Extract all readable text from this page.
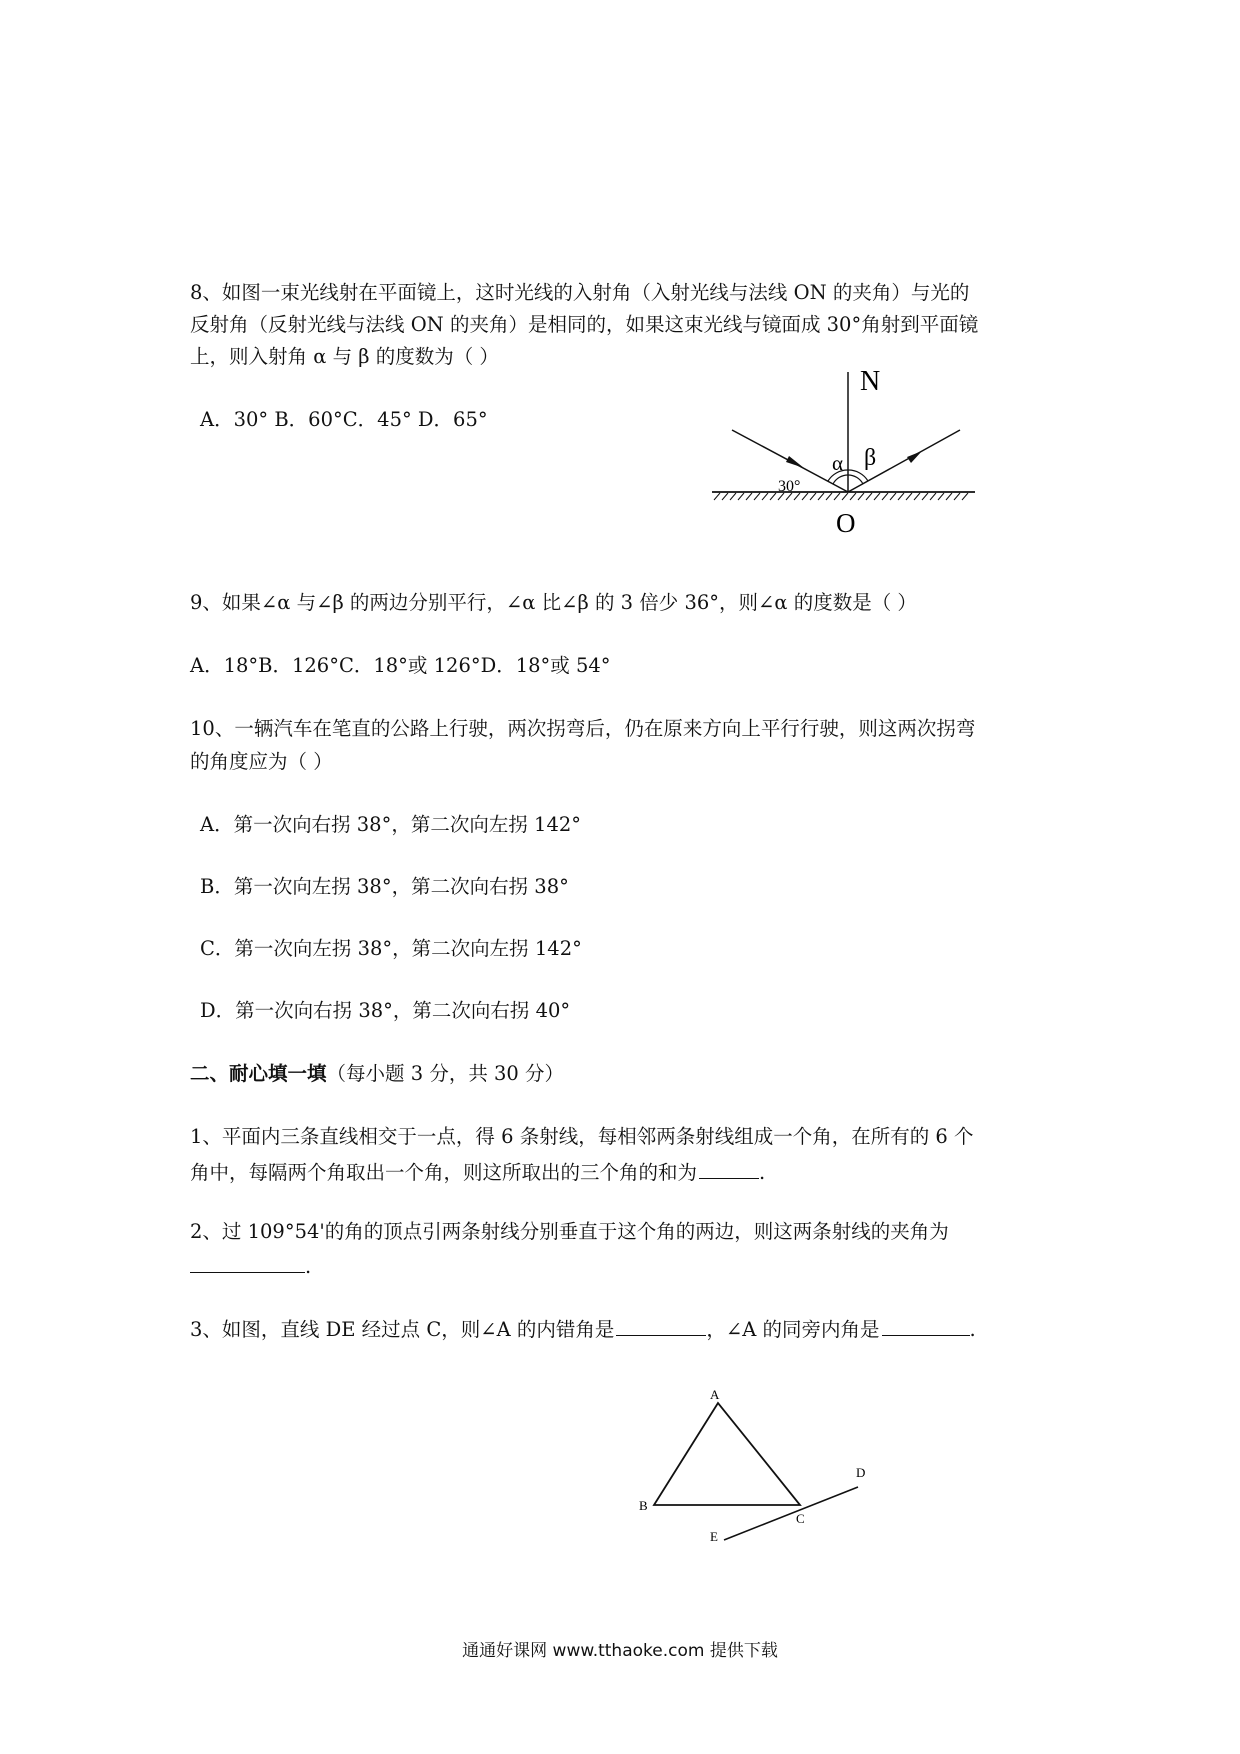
8、如图一束光线射在平面镜上，这时光线的入射角（入射光线与法线 ON 的夹角）与光的
反射角（反射光线与法线 ON 的夹角）是相同的，如果这束光线与镜面成 30°角射到平面镜
上，则入射角 α 与 β 的度数为（ ）
A．30° B．60°C．45° D．65°
N
O
30°
α β
9、如果∠α 与∠β 的两边分别平行，∠α 比∠β 的 3 倍少 36°，则∠α 的度数是（ ）
A．18°B．126°C．18°或 126°D．18°或 54°
10、一辆汽车在笔直的公路上行驶，两次拐弯后，仍在原来方向上平行行驶，则这两次拐弯
的角度应为（ ）
A．第一次向右拐 38°，第二次向左拐 142°
B．第一次向左拐 38°，第二次向右拐 38°
C．第一次向左拐 38°，第二次向左拐 142°
D．第一次向右拐 38°，第二次向右拐 40°
二、耐心填一填（每小题 3 分，共 30 分）
1、平面内三条直线相交于一点，得 6 条射线，每相邻两条射线组成一个角，在所有的 6 个
角中，每隔两个角取出一个角，则这所取出的三个角的和为	.
2、过 109°54'的角的顶点引两条射线分别垂直于这个角的两边，则这两条射线的夹角为
.
3、如图，直线 DE 经过点 C，则∠A 的内错角是	，∠A 的同旁内角是	.
A
B
C
D
E
通通好课网 www.tthaoke.com 提供下载
